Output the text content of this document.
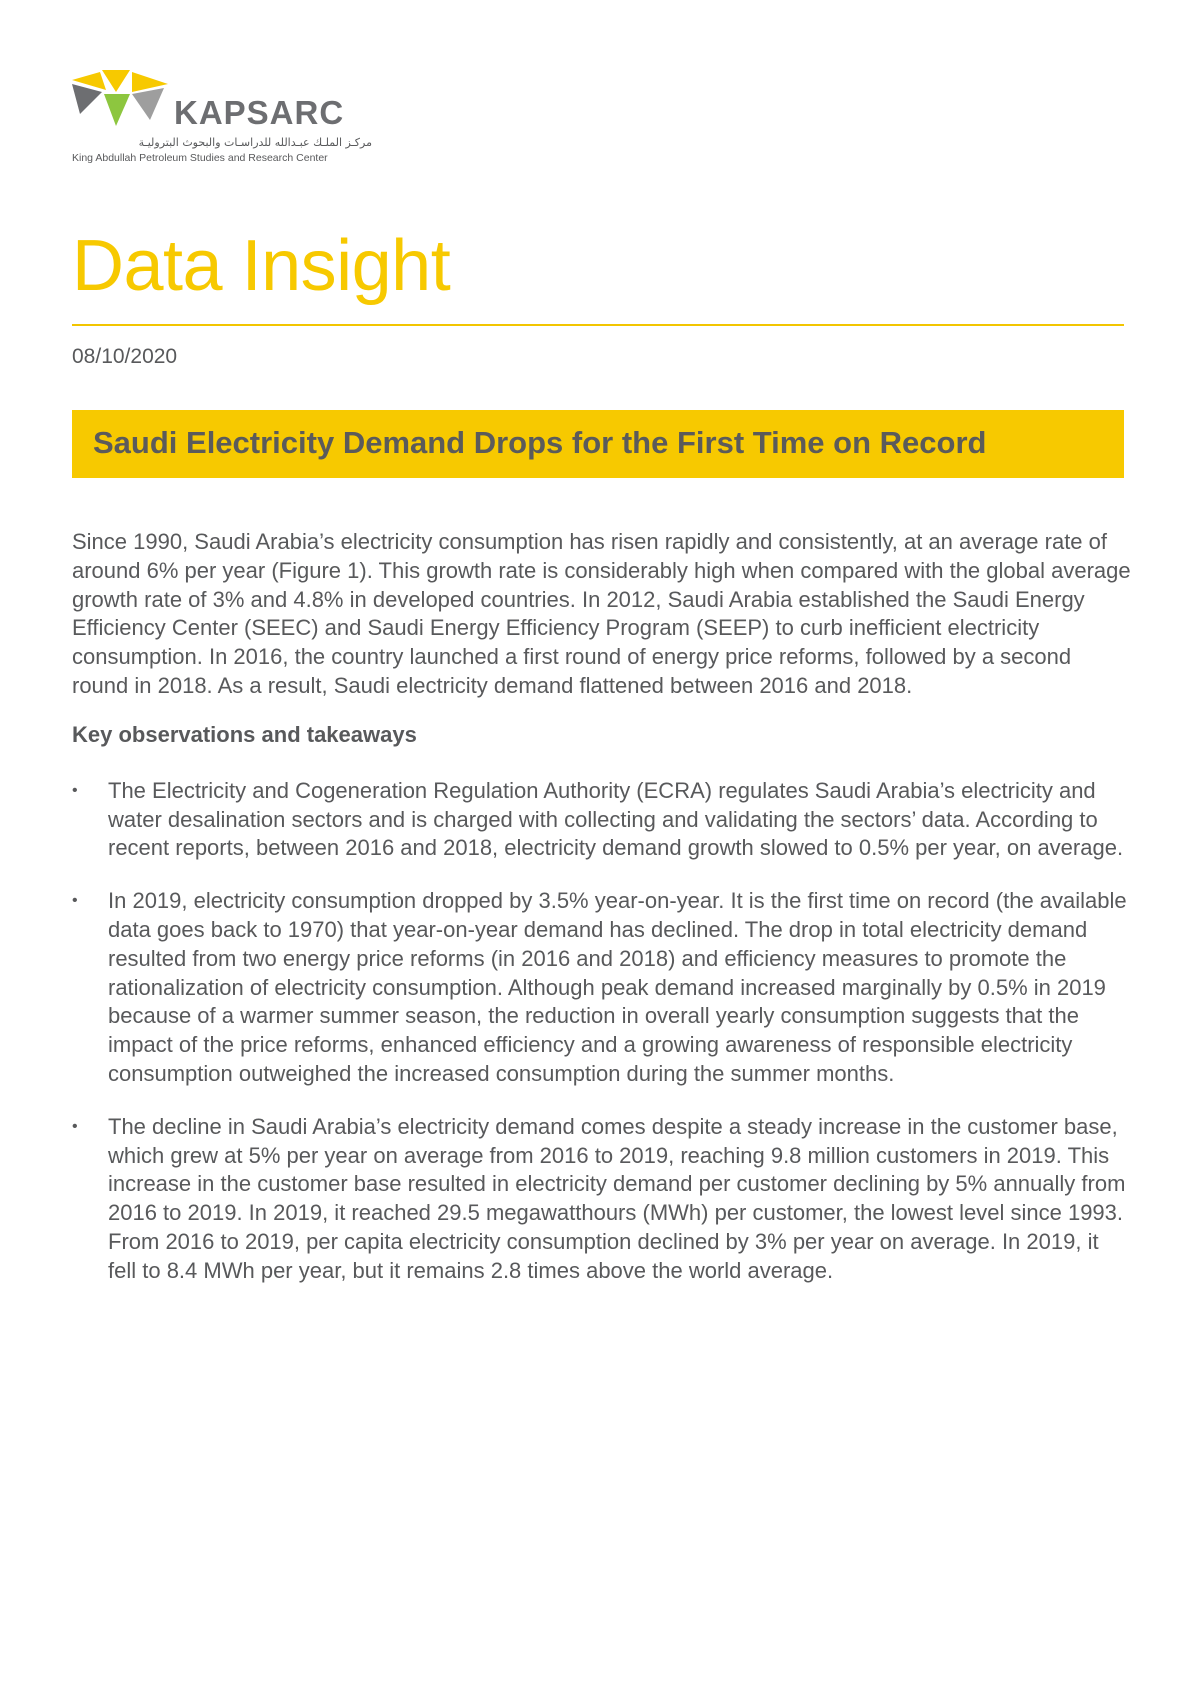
KAPSARC
مركـز الملـك عبـدالله للدراسـات والبحوث البتروليـة
King Abdullah Petroleum Studies and Research Center
Data Insight
08/10/2020
Saudi Electricity Demand Drops for the First Time on Record

Since 1990, Saudi Arabia’s electricity consumption has risen rapidly and consistently, at an average rate of around 6% per year (Figure 1). This growth rate is considerably high when compared with the global average growth rate of 3% and 4.8% in developed countries. In 2012, Saudi Arabia established the Saudi Energy Efficiency Center (SEEC) and Saudi Energy Efficiency Program (SEEP) to curb inefficient electricity consumption. In 2016, the country launched a first round of energy price reforms, followed by a second round in 2018. As a result, Saudi electricity demand flattened between 2016 and 2018.

Key observations and takeaways

• The Electricity and Cogeneration Regulation Authority (ECRA) regulates Saudi Arabia’s electricity and water desalination sectors and is charged with collecting and validating the sectors’ data. According to recent reports, between 2016 and 2018, electricity demand growth slowed to 0.5% per year, on average.
• In 2019, electricity consumption dropped by 3.5% year-on-year. It is the first time on record (the available data goes back to 1970) that year-on-year demand has declined. The drop in total electricity demand resulted from two energy price reforms (in 2016 and 2018) and efficiency measures to promote the rationalization of electricity consumption. Although peak demand increased marginally by 0.5% in 2019 because of a warmer summer season, the reduction in overall yearly consumption suggests that the impact of the price reforms, enhanced efficiency and a growing awareness of responsible electricity consumption outweighed the increased consumption during the summer months.
• The decline in Saudi Arabia’s electricity demand comes despite a steady increase in the customer base, which grew at 5% per year on average from 2016 to 2019, reaching 9.8 million customers in 2019. This increase in the customer base resulted in electricity demand per customer declining by 5% annually from 2016 to 2019. In 2019, it reached 29.5 megawatthours (MWh) per customer, the lowest level since 1993. From 2016 to 2019, per capita electricity consumption declined by 3% per year on average. In 2019, it fell to 8.4 MWh per year, but it remains 2.8 times above the world average.
